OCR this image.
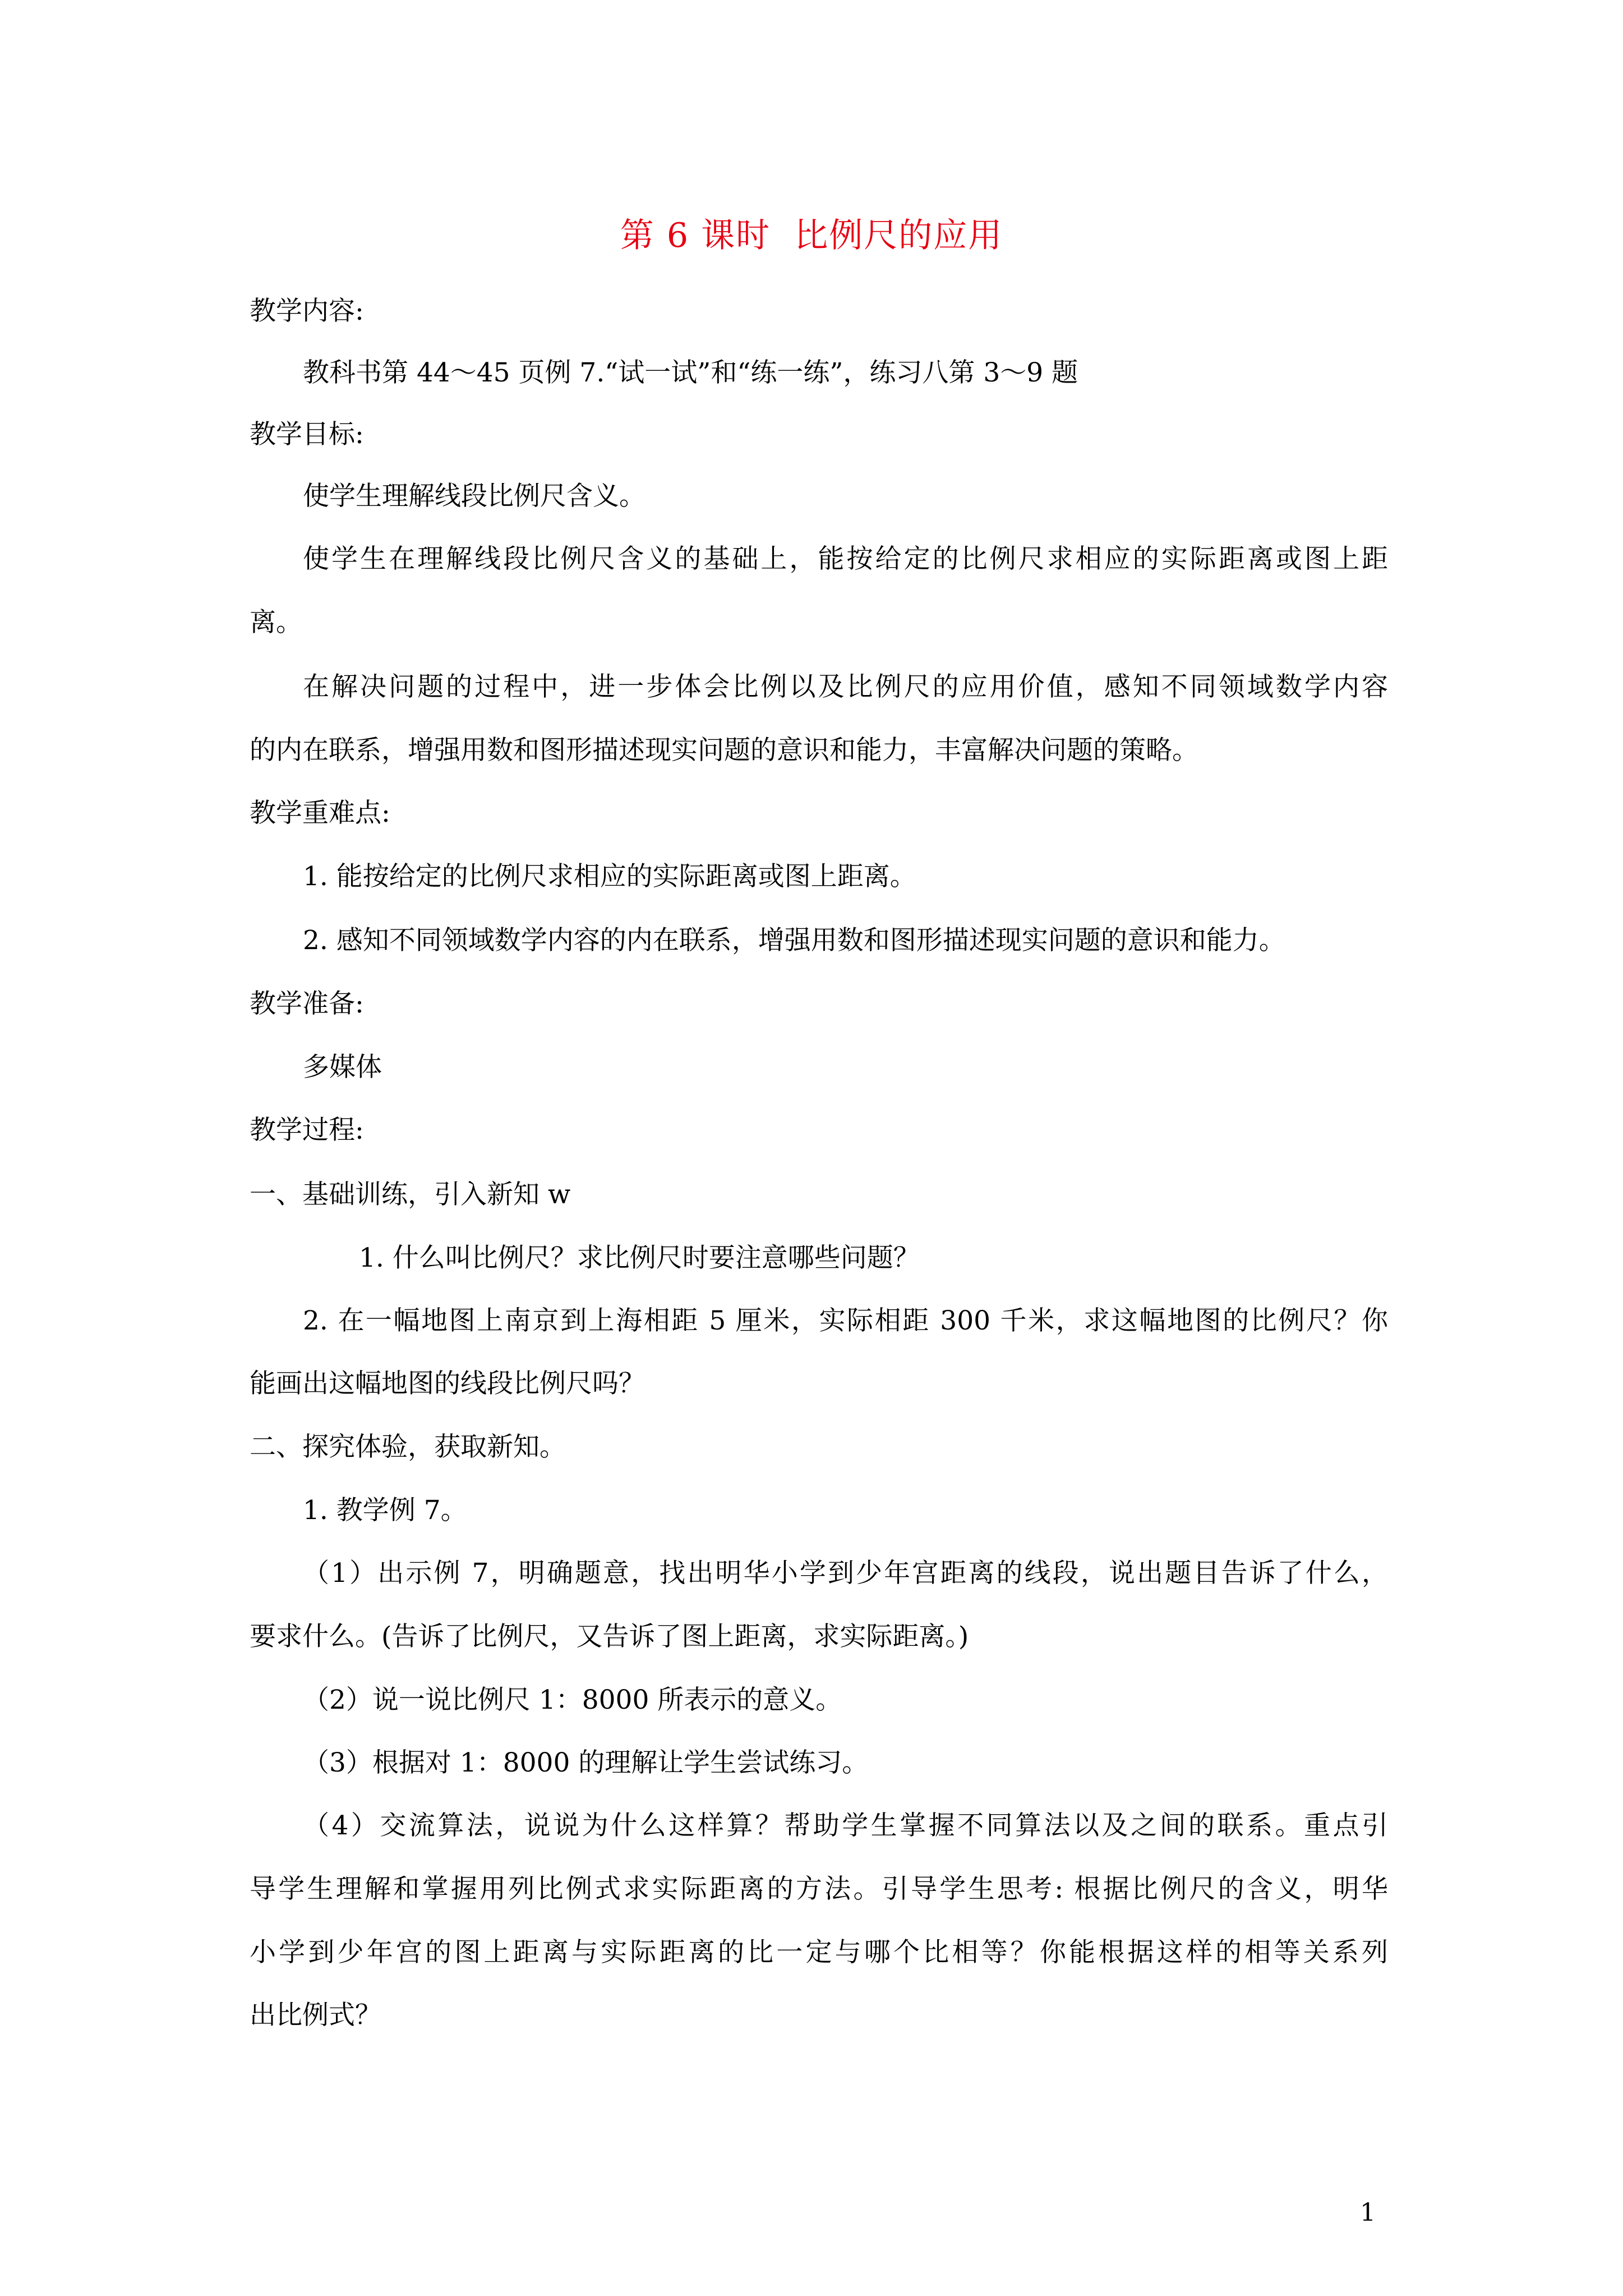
第 6 课时  比例尺的应用
教学内容:
教科书第 44～45 页例 7.“试一试”和“练一练”，练习八第 3～9 题
教学目标:
使学生理解线段比例尺含义。
使学生在理解线段比例尺含义的基础上，能按给定的比例尺求相应的实际距离或图上距
离。
在解决问题的过程中，进一步体会比例以及比例尺的应用价值，感知不同领域数学内容
的内在联系，增强用数和图形描述现实问题的意识和能力，丰富解决问题的策略。
教学重难点:
1. 能按给定的比例尺求相应的实际距离或图上距离。
2. 感知不同领域数学内容的内在联系，增强用数和图形描述现实问题的意识和能力。
教学准备:
多媒体
教学过程:
一、基础训练，引入新知 w
1. 什么叫比例尺？求比例尺时要注意哪些问题？
2. 在一幅地图上南京到上海相距 5 厘米，实际相距 300 千米，求这幅地图的比例尺？你
能画出这幅地图的线段比例尺吗？
二、探究体验，获取新知。
1. 教学例 7。
（1）出示例 7，明确题意，找出明华小学到少年宫距离的线段，说出题目告诉了什么，
要求什么。(告诉了比例尺，又告诉了图上距离，求实际距离。)
（2）说一说比例尺 1：8000 所表示的意义。
（3）根据对 1：8000 的理解让学生尝试练习。
（4）交流算法，说说为什么这样算？帮助学生掌握不同算法以及之间的联系。重点引
导学生理解和掌握用列比例式求实际距离的方法。引导学生思考: 根据比例尺的含义，明华
小学到少年宫的图上距离与实际距离的比一定与哪个比相等？你能根据这样的相等关系列
出比例式？
1
